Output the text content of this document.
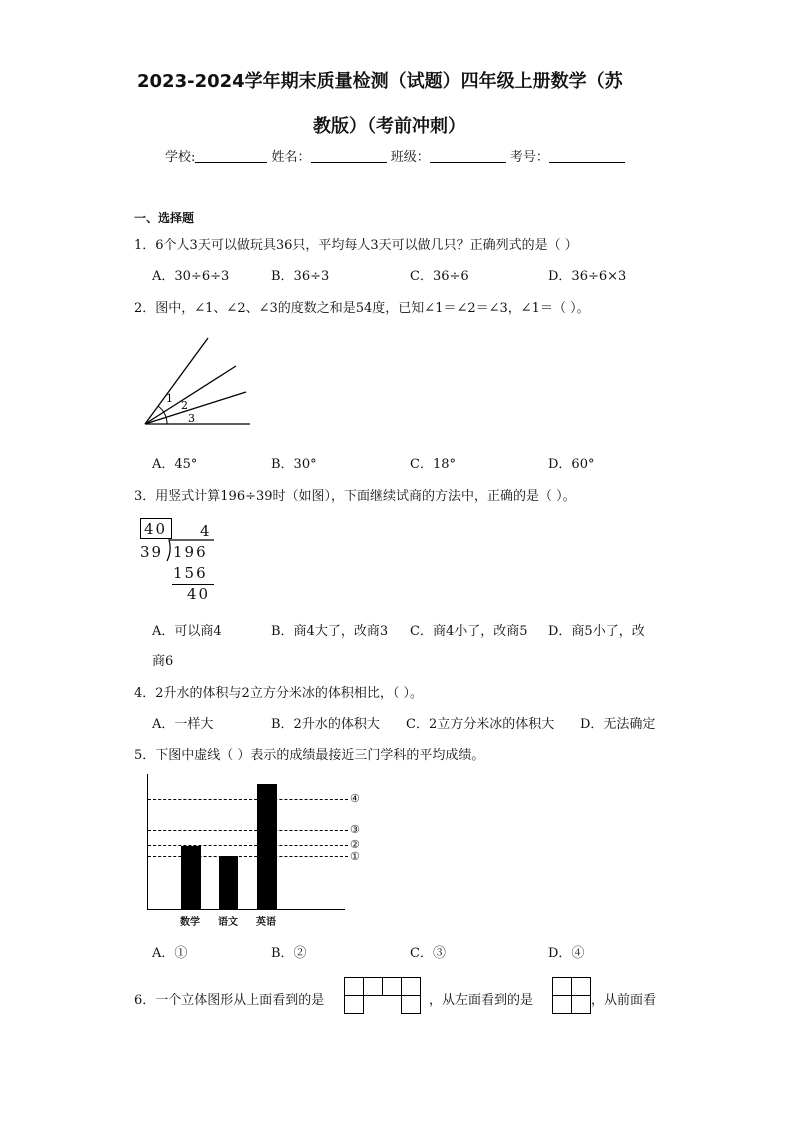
2023-2024学年期末质量检测（试题）四年级上册数学（苏
教版）（考前冲刺）
学校:	姓名：	班级：	考号：
一、选择题
1．6个人3天可以做玩具36只，平均每人3天可以做几只？正确列式的是（ ）
A．30÷6÷3	B．36÷3	C．36÷6	D．36÷6×3
2．图中，∠1、∠2、∠3的度数之和是54度，已知∠1＝∠2＝∠3，∠1＝（ ）。
1
2
3
A．45°	B．30°	C．18°	D．60°
3．用竖式计算196÷39时（如图），下面继续试商的方法中，正确的是（ ）。
40 4
39 196
156
40
A．可以商4	B．商4大了，改商3 C．商4小了，改商5 D．商5小了，改
商6
4．2升水的体积与2立方分米冰的体积相比，（ ）。
A．一样大	B．2升水的体积大 C．2立方分米冰的体积大 D．无法确定
5．下图中虚线（ ）表示的成绩最接近三门学科的平均成绩。
④
③
②
①
数学 语文 英语
A．①	B．②	C．③	D．④
6．一个立体图形从上面看到的是

				，从左面看到的是

		，从前面看
